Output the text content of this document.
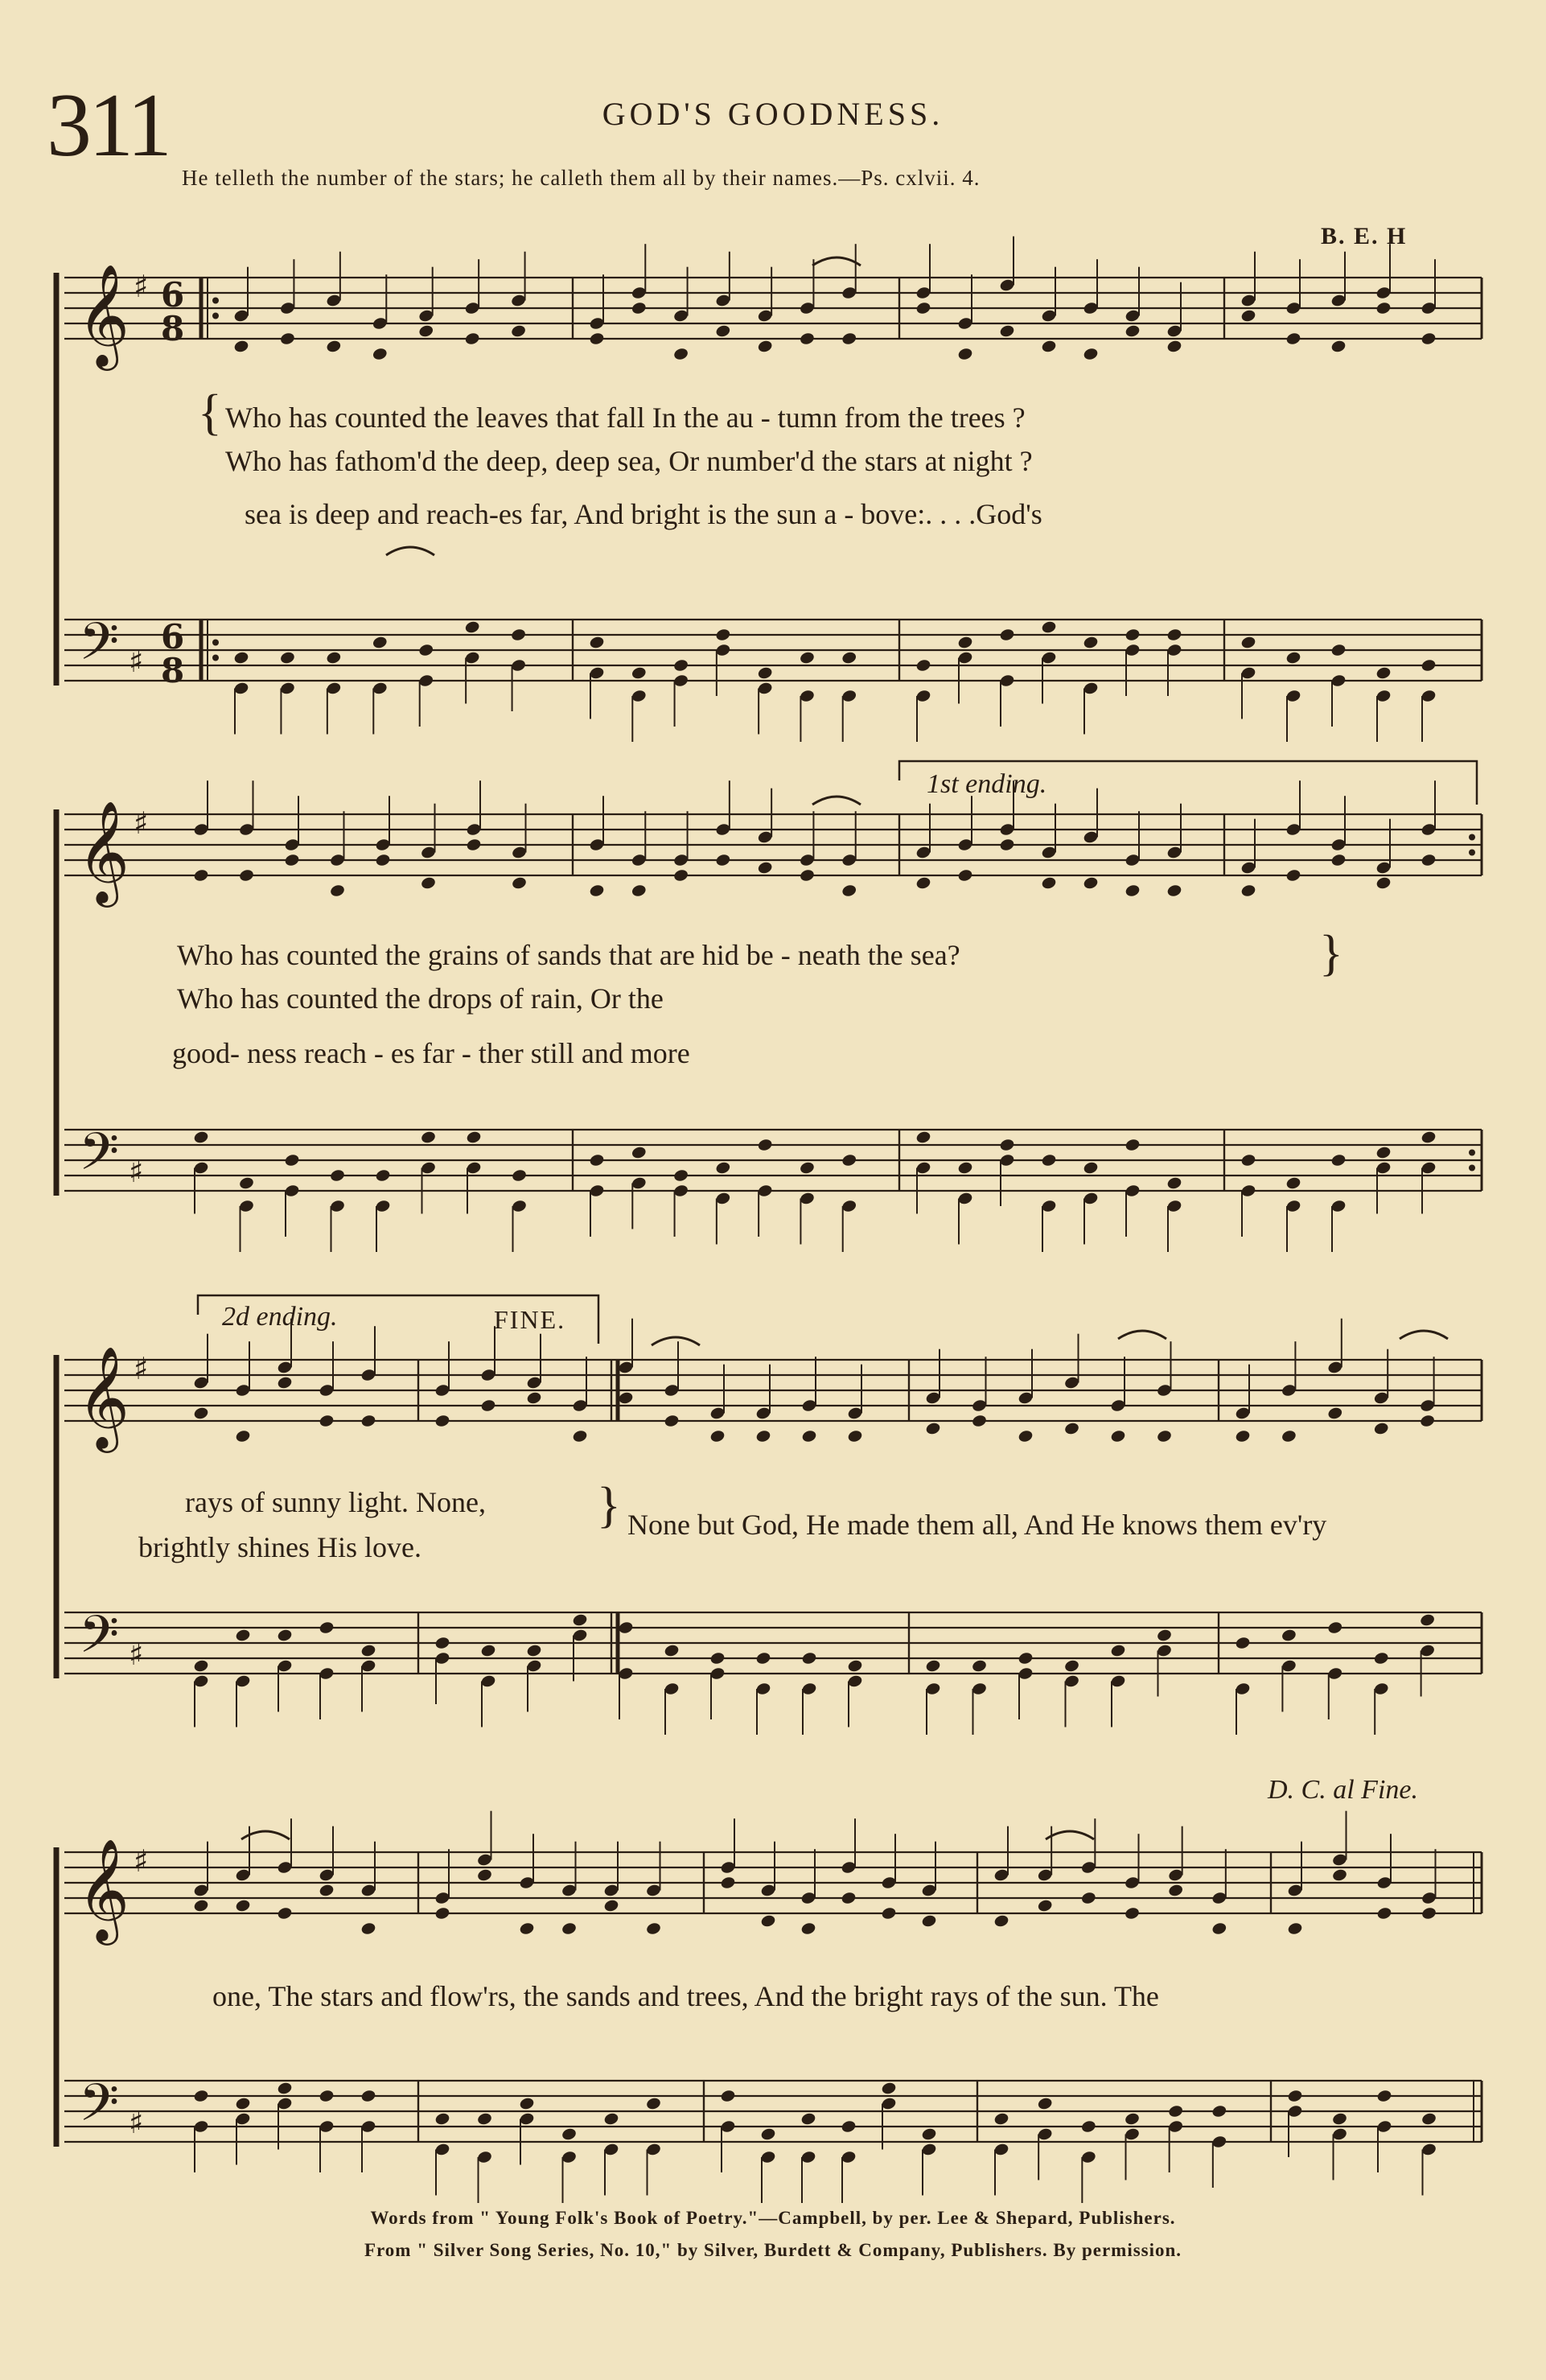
311	GOD'S GOODNESS.
He telleth the number of the stars; he calleth them all by their names.—Ps. cxlvii. 4.
B. E. H
𝄞 ♯
𝄢 ♯
6
8
6
8
𝄞 ♯
𝄢 ♯
𝄞 ♯
𝄢 ♯
𝄞 ♯
𝄢 ♯
{ Who has counted the leaves that fall In the au - tumn from the trees ?
Who has fathom'd the deep, deep sea, Or number'd the stars at night ?
sea is deep and reach-es far, And bright is the sun a - bove:. . . .God's
Who has counted the grains of sands that are hid be - neath the sea?
Who has counted the drops of rain, Or the
}
good- ness reach - es far - ther still and more
rays of sunny light. None,
brightly shines His love.
} None but God, He made them all, And He knows them ev'ry
one, The stars and flow'rs, the sands and trees, And the bright rays of the sun. The
1st ending.
2d ending.	FINE.
D. C. al Fine.
Words from " Young Folk's Book of Poetry."—Campbell, by per. Lee & Shepard, Publishers.
From " Silver Song Series, No. 10," by Silver, Burdett & Company, Publishers. By permission.
